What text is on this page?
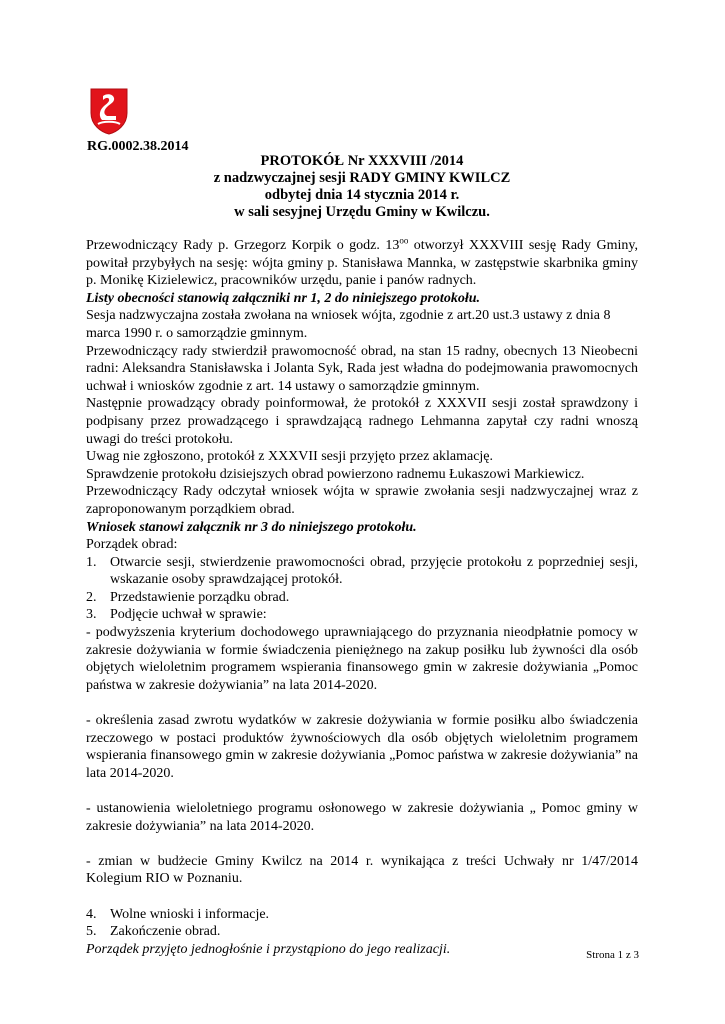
RG.0002.38.2014
PROTOKÓŁ Nr XXXVIII /2014
z nadzwyczajnej sesji RADY GMINY KWILCZ
odbytej dnia 14 stycznia 2014 r.
w sali sesyjnej Urzędu Gminy w Kwilczu.

Przewodniczący Rady p. Grzegorz Korpik o godz. $13^{oo}$ otworzył XXXVIII sesję Rady Gminy, powitał przybyłych na sesję: wójta gminy p. Stanisława Mannka, w zastępstwie skarbnika gminy p. Monikę Kizielewicz, pracowników urzędu, panie i panów radnych.

Listy obecności stanowią załączniki nr 1, 2 do niniejszego protokołu.

Sesja nadzwyczajna została zwołana na wniosek wójta, zgodnie z art.20 ust.3 ustawy z dnia 8 marca 1990 r. o samorządzie gminnym.

Przewodniczący rady stwierdził prawomocność obrad, na stan 15 radny, obecnych 13 Nieobecni radni: Aleksandra Stanisławska i Jolanta Syk, Rada jest władna do podejmowania prawomocnych uchwał i wniosków zgodnie z art. 14 ustawy o samorządzie gminnym.

Następnie prowadzący obrady poinformował, że protokół z XXXVII sesji został sprawdzony i podpisany przez prowadzącego i sprawdzającą radnego Lehmanna zapytał czy radni wnoszą uwagi do treści protokołu.

Uwag nie zgłoszono, protokół z XXXVII sesji przyjęto przez aklamację.

Sprawdzenie protokołu dzisiejszych obrad powierzono radnemu Łukaszowi Markiewicz.

Przewodniczący Rady odczytał wniosek wójta w sprawie zwołania sesji nadzwyczajnej wraz z zaproponowanym porządkiem obrad.

Wniosek stanowi załącznik nr 3 do niniejszego protokołu.

Porządek obrad:

1. Otwarcie sesji, stwierdzenie prawomocności obrad, przyjęcie protokołu z poprzedniej sesji, wskazanie osoby sprawdzającej protokół.
2. Przedstawienie porządku obrad.
3. Podjęcie uchwał w sprawie:

- podwyższenia kryterium dochodowego uprawniającego do przyznania nieodpłatnie pomocy w zakresie dożywiania w formie świadczenia pieniężnego na zakup posiłku lub żywności dla osób objętych wieloletnim programem wspierania finansowego gmin w zakresie dożywiania „Pomoc państwa w zakresie dożywiania” na lata 2014-2020.

- określenia zasad zwrotu wydatków w zakresie dożywiania w formie posiłku albo świadczenia rzeczowego w postaci produktów żywnościowych dla osób objętych wieloletnim programem wspierania finansowego gmin w zakresie dożywiania „Pomoc państwa w zakresie dożywiania” na lata 2014-2020.

- ustanowienia wieloletniego programu osłonowego w zakresie dożywiania „ Pomoc gminy w zakresie dożywiania” na lata 2014-2020.

- zmian w budżecie Gminy Kwilcz na 2014 r. wynikająca z treści Uchwały nr 1/47/2014 Kolegium RIO w Poznaniu.

4. Wolne wnioski i informacje.
5. Zakończenie obrad.

Porządek przyjęto jednogłośnie i przystąpiono do jego realizacji.	Strona 1 z 3
